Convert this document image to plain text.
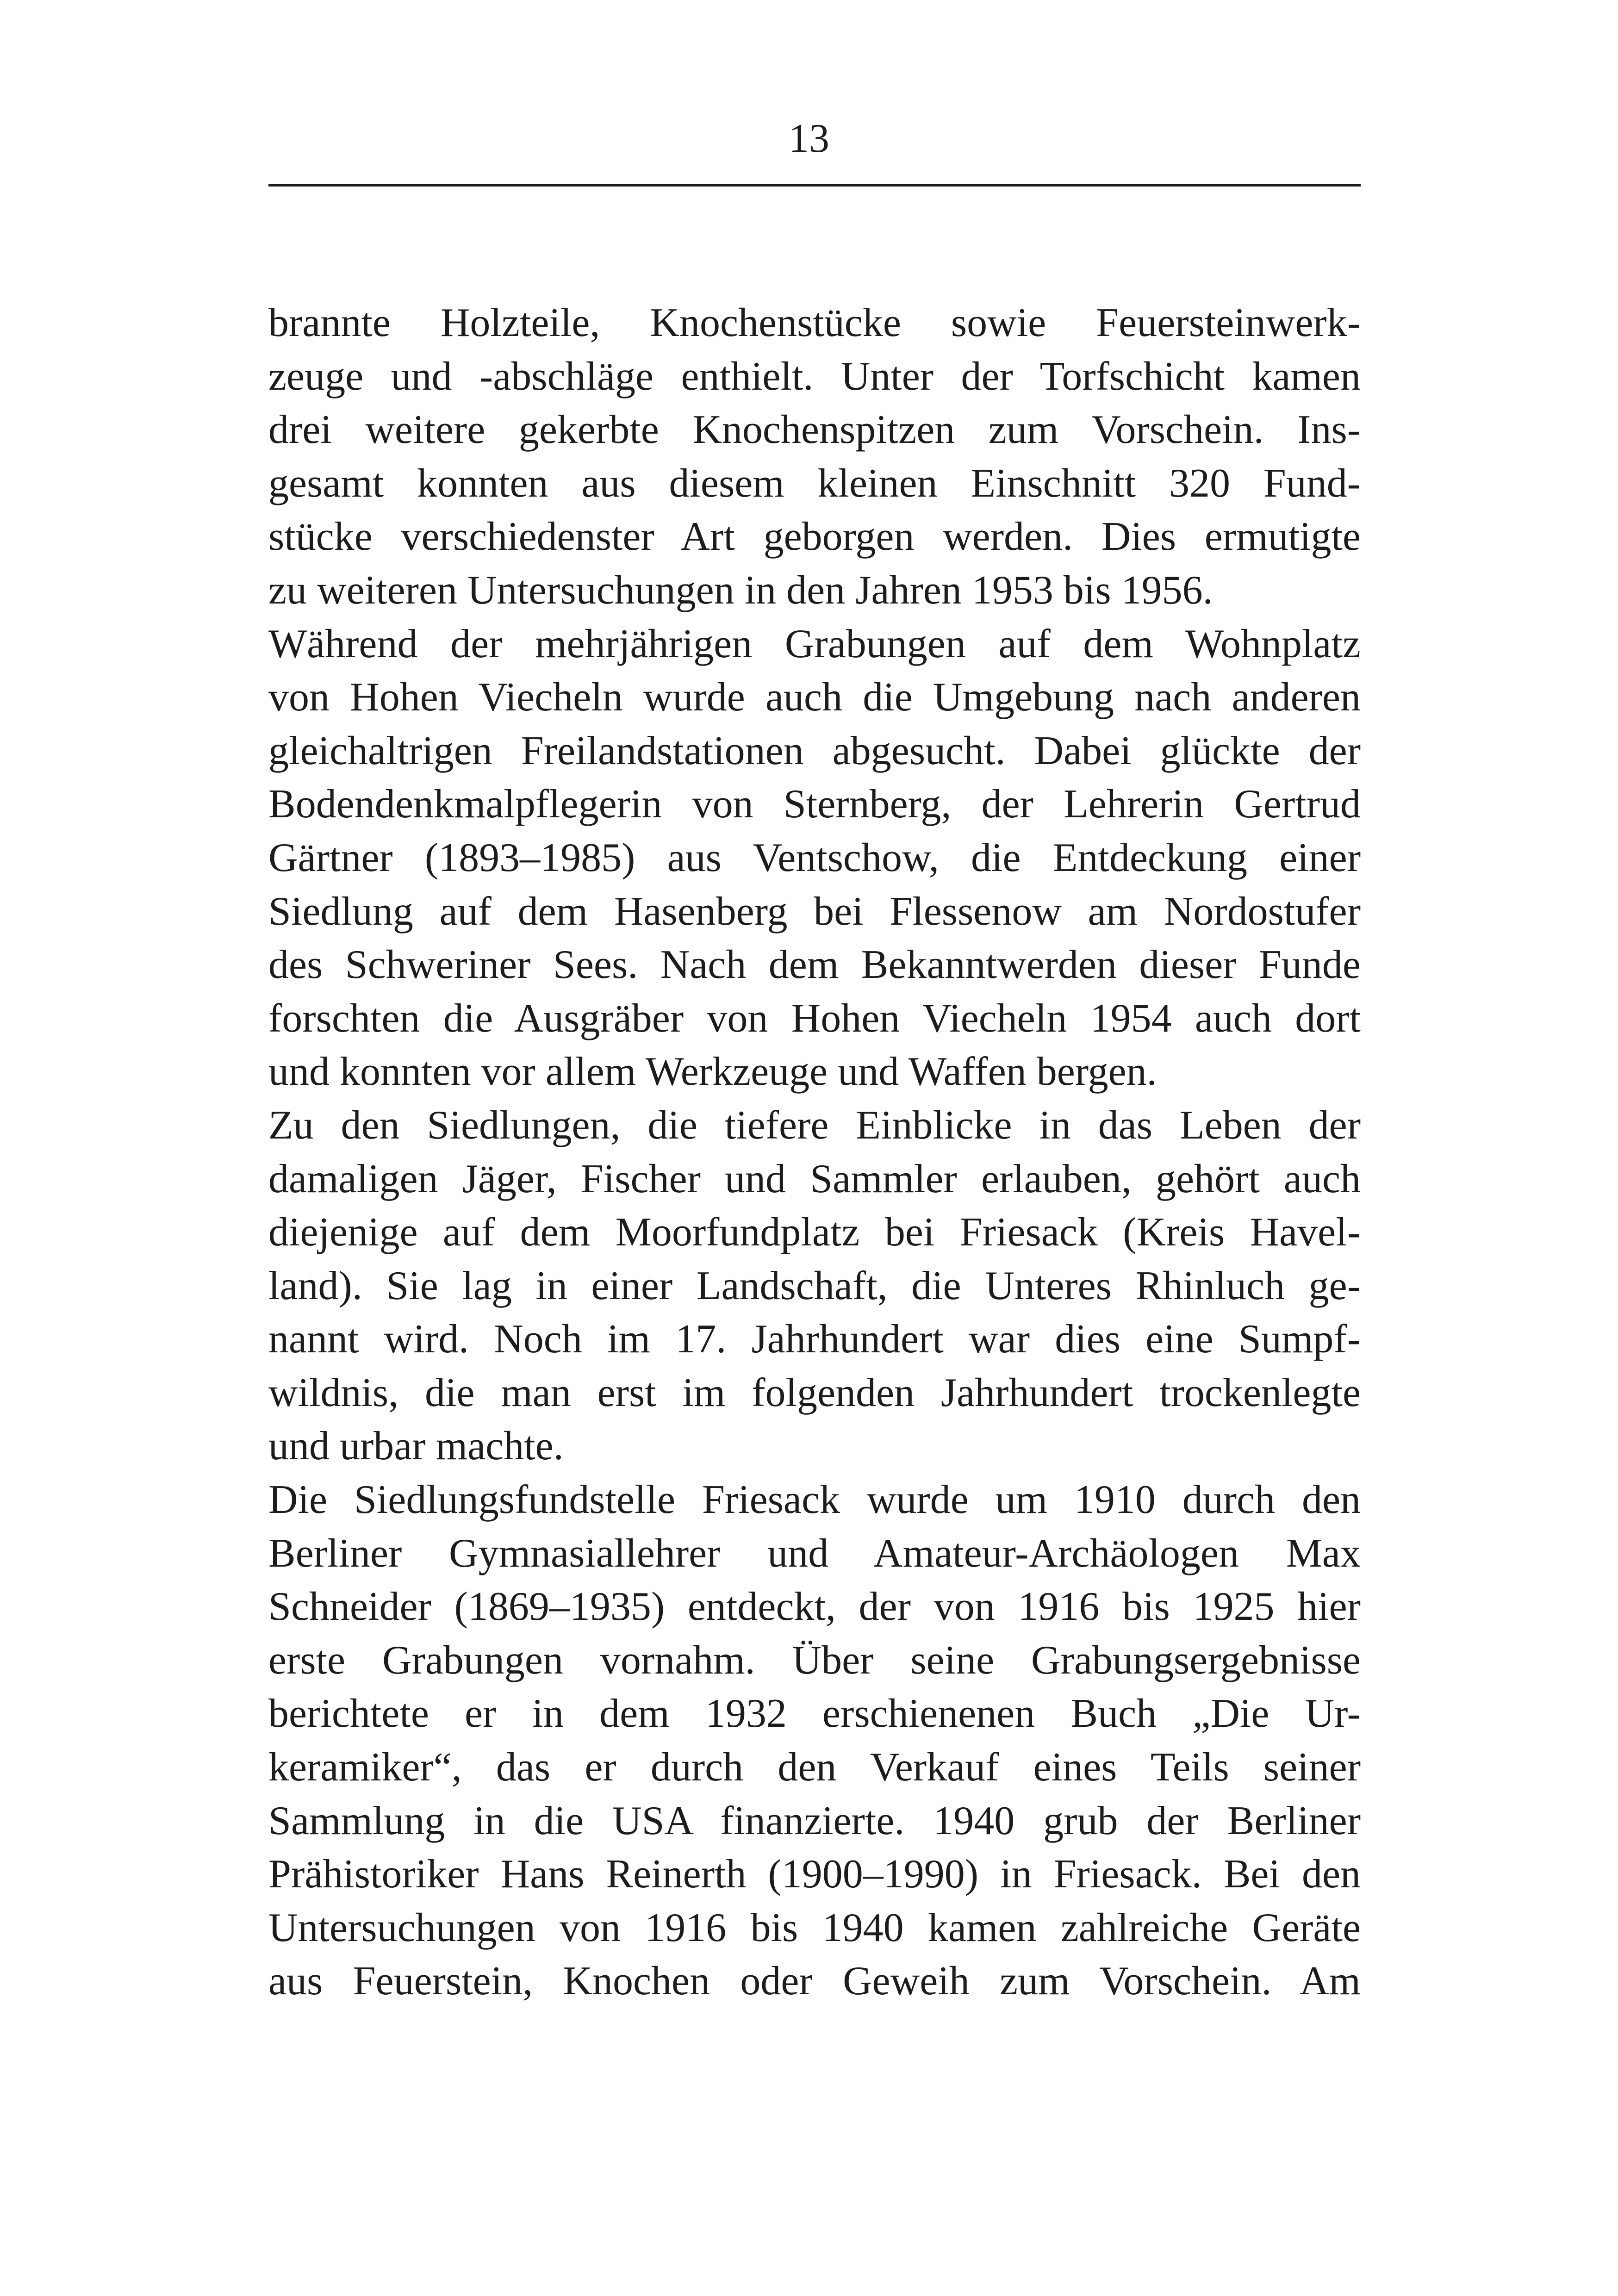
13
brannte Holzteile, Knochenstücke sowie Feuersteinwerk-
zeuge und -abschläge enthielt. Unter der Torfschicht kamen
drei weitere gekerbte Knochenspitzen zum Vorschein. Ins-
gesamt konnten aus diesem kleinen Einschnitt 320 Fund-
stücke verschiedenster Art geborgen werden. Dies ermutigte
zu weiteren Untersuchungen in den Jahren 1953 bis 1956.
Während der mehrjährigen Grabungen auf dem Wohnplatz
von Hohen Viecheln wurde auch die Umgebung nach anderen
gleichaltrigen Freilandstationen abgesucht. Dabei glückte der
Bodendenkmalpflegerin von Sternberg, der Lehrerin Gertrud
Gärtner (1893–1985) aus Ventschow, die Entdeckung einer
Siedlung auf dem Hasenberg bei Flessenow am Nordostufer
des Schweriner Sees. Nach dem Bekanntwerden dieser Funde
forschten die Ausgräber von Hohen Viecheln 1954 auch dort
und konnten vor allem Werkzeuge und Waffen bergen.
Zu den Siedlungen, die tiefere Einblicke in das Leben der
damaligen Jäger, Fischer und Sammler erlauben, gehört auch
diejenige auf dem Moorfundplatz bei Friesack (Kreis Havel-
land). Sie lag in einer Landschaft, die Unteres Rhinluch ge-
nannt wird. Noch im 17. Jahrhundert war dies eine Sumpf-
wildnis, die man erst im folgenden Jahrhundert trockenlegte
und urbar machte.
Die Siedlungsfundstelle Friesack wurde um 1910 durch den
Berliner Gymnasiallehrer und Amateur-Archäologen Max
Schneider (1869–1935) entdeckt, der von 1916 bis 1925 hier
erste Grabungen vornahm. Über seine Grabungsergebnisse
berichtete er in dem 1932 erschienenen Buch „Die Ur-
keramiker“, das er durch den Verkauf eines Teils seiner
Sammlung in die USA finanzierte. 1940 grub der Berliner
Prähistoriker Hans Reinerth (1900–1990) in Friesack. Bei den
Untersuchungen von 1916 bis 1940 kamen zahlreiche Geräte
aus Feuerstein, Knochen oder Geweih zum Vorschein. Am
